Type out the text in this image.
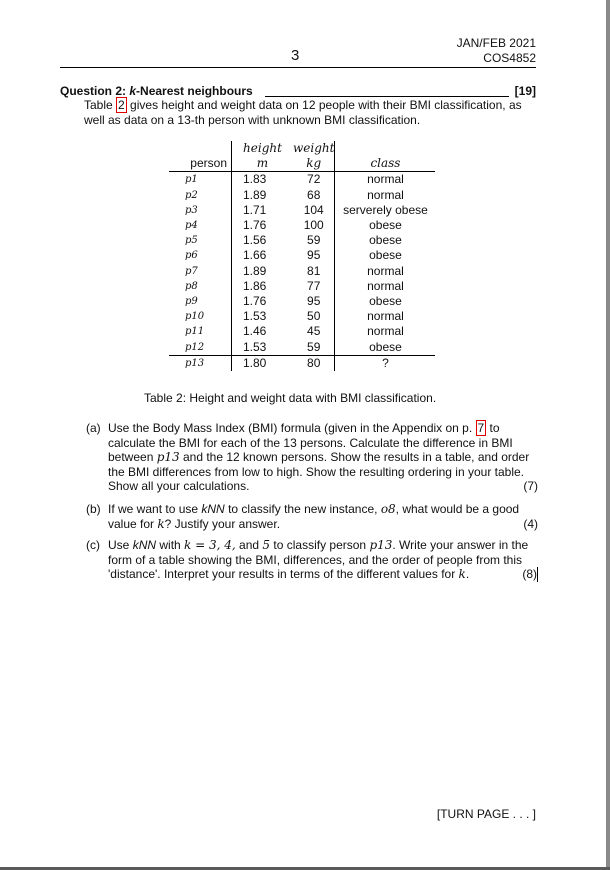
3
JAN/FEB 2021
COS4852
Question 2: k-Nearest neighbours	[19]
Table 2 gives height and weight data on 12 people with their BMI classification, as well as data on a 13-th person with unknown BMI classification.
	height	weight	
person	m	kg	class
p1	1.83	72	normal
p2	1.89	68	normal
p3	1.71	104	serverely obese
p4	1.76	100	obese
p5	1.56	59	obese
p6	1.66	95	obese
p7	1.89	81	normal
p8	1.86	77	normal
p9	1.76	95	obese
p10	1.53	50	normal
p11	1.46	45	normal
p12	1.53	59	obese
p13	1.80	80	?
Table 2: Height and weight data with BMI classification.
(a) Use the Body Mass Index (BMI) formula (given in the Appendix on p. 7 to calculate the BMI for each of the 13 persons. Calculate the difference in BMI between p13 and the 12 known persons. Show the results in a table, and order the BMI differences from low to high. Show the resulting ordering in your table. Show all your calculations.	(7)
(b) If we want to use kNN to classify the new instance, o8, what would be a good value for k? Justify your answer.	(4)
(c) Use kNN with k = 3, 4, and 5 to classify person p13. Write your answer in the form of a table showing the BMI, differences, and the order of people from this 'distance'. Interpret your results in terms of the different values for k.	(8)
[TURN PAGE . . . ]
